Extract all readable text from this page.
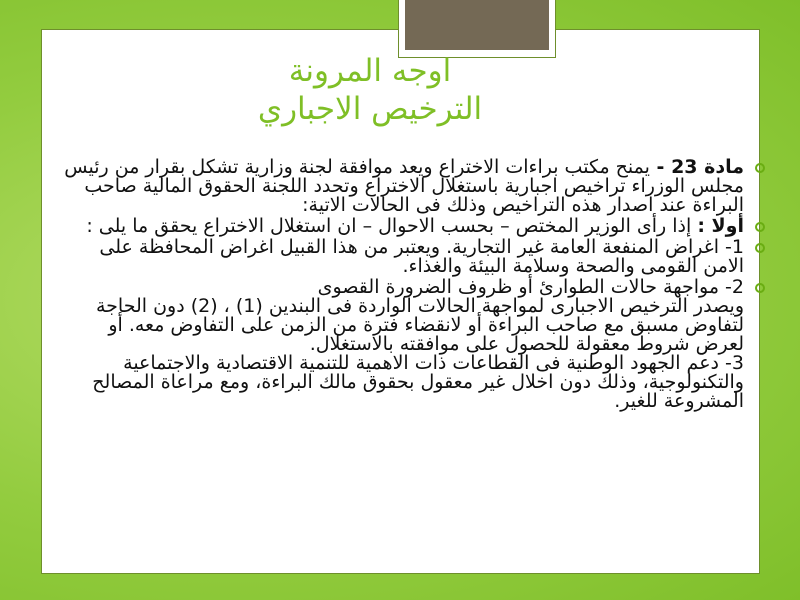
اوجه المرونة
الترخيص الاجباري

مادة 23 - يمنح مكتب براءات الاختراع ويعد موافقة لجنة وزارية تشكل بقرار من رئيس مجلس الوزراء تراخيص اجبارية باستغلال الاختراع وتحدد اللجنة الحقوق المالية صاحب البراءة عند اصدار هذه التراخيص وذلك فى الحالات الاتية:

أولا : إذا رأى الوزير المختص – بحسب الاحوال – ان استغلال الاختراع يحقق ما يلى :

1- اغراض المنفعة العامة غير التجارية. ويعتبر من هذا القبيل اغراض المحافظة على الامن القومى والصحة وسلامة البيئة والغذاء.

2- مواجهة حالات الطوارئ أو ظروف الضرورة القصوى

ويصدر الترخيص الاجبارى لمواجهة الحالات الواردة فى البندين (1) ، (2) دون الحاجة لتفاوض مسبق مع صاحب البراءة أو لانقضاء فترة من الزمن على التفاوض معه. أو لعرض شروط معقولة للحصول على موافقته بالاستغلال.

3- دعم الجهود الوطنية فى القطاعات ذات الاهمية للتنمية الاقتصادية والاجتماعية والتكنولوجية، وذلك دون اخلال غير معقول بحقوق مالك البراءة، ومع مراعاة المصالح المشروعة للغير.
